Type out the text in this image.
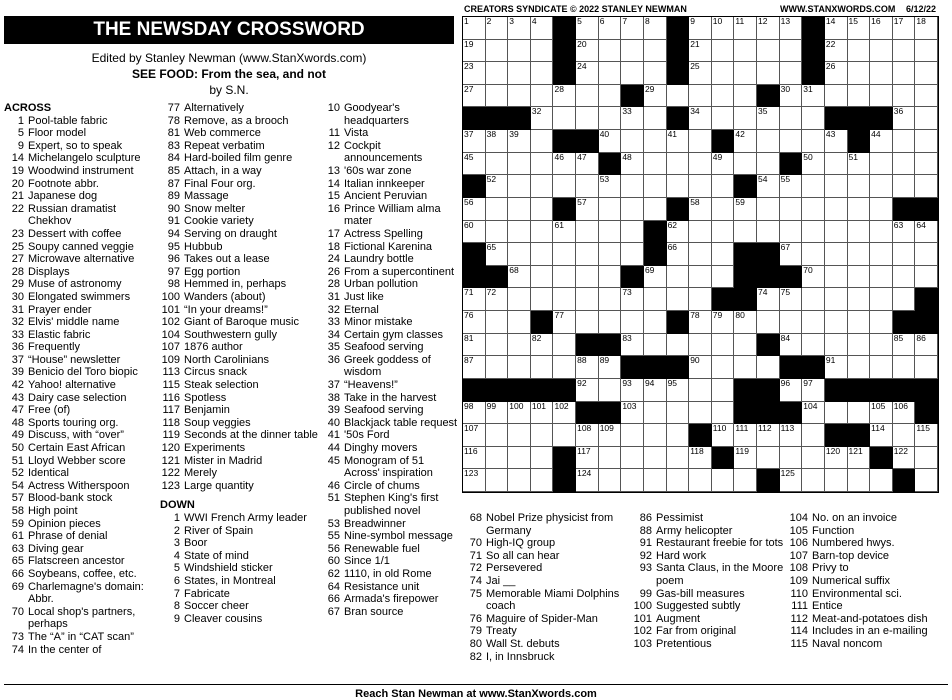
CREATORS SYNDICATE © 2022 STANLEY NEWMAN	WWW.STANXWORDS.COM 6/12/22
THE NEWSDAY CROSSWORD
Edited by Stanley Newman (www.StanXwords.com)
SEE FOOD: From the sea, and not
by S.N.
1 2 3 4	5 6 7 8	9 10 11 12 13	14 15 16 17 18
19	20	21	22
23	24	25	26
27	28	29	30 31
32	33	34	35	36
37 38 39	40	41	42	43	44
45	46 47	48	49	50	51
52	53	54 55
56	57	58	59
60	61	62	63 64
65	66	67
68	69	70
71 72	73	74 75
76	77	78 79 80
81	82	83	84	85 86
87	88 89	90	91
92	93 94 95	96 97
98 99 100 101 102	103	104	105 106
107	108 109	110 111 112 113	114	115
116	117	118	119	120 121	122
123	124	125
ACROSS
1 Pool-table fabric
5 Floor model
9 Expert, so to speak
14 Michelangelo sculpture
19 Woodwind instrument
20 Footnote abbr.
21 Japanese dog
22 Russian dramatist Chekhov
23 Dessert with coffee
25 Soupy canned veggie
27 Microwave alternative
28 Displays
29 Muse of astronomy
30 Elongated swimmers
31 Prayer ender
32 Elvis' middle name
33 Elastic fabric
36 Frequently
37 “House” newsletter
39 Benicio del Toro biopic
42 Yahoo! alternative
43 Dairy case selection
47 Free (of)
48 Sports touring org.
49 Discuss, with “over”
50 Certain East African
51 Lloyd Webber score
52 Identical
54 Actress Witherspoon
57 Blood-bank stock
58 High point
59 Opinion pieces
61 Phrase of denial
63 Diving gear
65 Flatscreen ancestor
66 Soybeans, coffee, etc.
69 Charlemagne's domain: Abbr.
70 Local shop's partners, perhaps
73 The “A” in “CAT scan”
74 In the center of
77 Alternatively
78 Remove, as a brooch
81 Web commerce
83 Repeat verbatim
84 Hard-boiled film genre
85 Attach, in a way
87 Final Four org.
89 Massage
90 Snow melter
91 Cookie variety
94 Serving on draught
95 Hubbub
96 Takes out a lease
97 Egg portion
98 Hemmed in, perhaps
100 Wanders (about)
101 “In your dreams!”
102 Giant of Baroque music
104 Southwestern gully
107 1876 author
109 North Carolinians
113 Circus snack
115 Steak selection
116 Spotless
117 Benjamin
118 Soup veggies
119 Seconds at the dinner table
120 Experiments
121 Mister in Madrid
122 Merely
123 Large quantity
DOWN
1 WWI French Army leader
2 River of Spain
3 Boor
4 State of mind
5 Windshield sticker
6 States, in Montreal
7 Fabricate
8 Soccer cheer
9 Cleaver cousins
10 Goodyear's headquarters
11 Vista
12 Cockpit announcements
13 '60s war zone
14 Italian innkeeper
15 Ancient Peruvian
16 Prince William alma mater
17 Actress Spelling
18 Fictional Karenina
24 Laundry bottle
26 From a supercontinent
28 Urban pollution
31 Just like
32 Eternal
33 Minor mistake
34 Certain gym classes
35 Seafood serving
36 Greek goddess of wisdom
37 “Heavens!”
38 Take in the harvest
39 Seafood serving
40 Blackjack table request
41 '50s Ford
44 Dinghy movers
45 Monogram of 51 Across' inspiration
46 Circle of chums
51 Stephen King's first published novel
53 Breadwinner
55 Nine-symbol message
56 Renewable fuel
60 Since 1/1
62 1110, in old Rome
64 Resistance unit
66 Armada's firepower
67 Bran source
68 Nobel Prize physicist from Germany
70 High-IQ group
71 So all can hear
72 Persevered
74 Jai __
75 Memorable Miami Dolphins coach
76 Maguire of Spider-Man
79 Treaty
80 Wall St. debuts
82 I, in Innsbruck
86 Pessimist
88 Army helicopter
91 Restaurant freebie for tots
92 Hard work
93 Santa Claus, in the Moore poem
99 Gas-bill measures
100 Suggested subtly
101 Augment
102 Far from original
103 Pretentious
104 No. on an invoice
105 Function
106 Numbered hwys.
107 Barn-top device
108 Privy to
109 Numerical suffix
110 Environmental sci.
111 Entice
112 Meat-and-potatoes dish
114 Includes in an e-mailing
115 Naval noncom
Reach Stan Newman at www.StanXwords.com
